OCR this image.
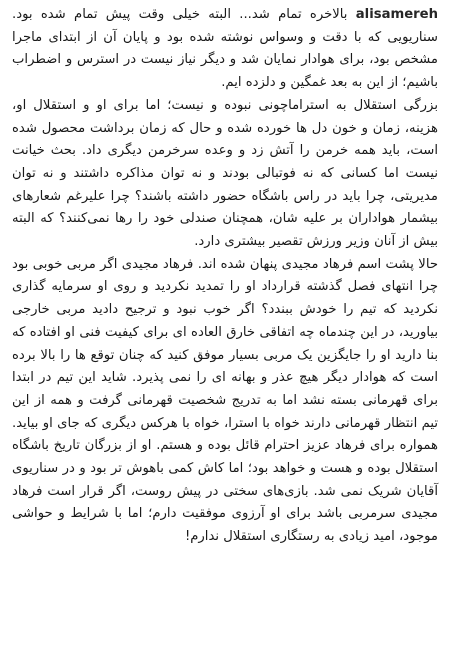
alisamereh بالاخره تمام شد... البته خیلی وقت پیش تمام شده بود. سناریویی که با دقت و وسواس نوشته شده بود و پایان آن از ابتدای ماجرا مشخص بود، برای هوادار نمایان شد و دیگر نیاز نیست در استرس و اضطراب باشیم؛ از این به بعد غمگین و دلزده ایم.

بزرگی استقلال به استراماچونی نبوده و نیست؛ اما برای او و استقلال او، هزینه، زمان و خون دل ها خورده شده و حال که زمان برداشت محصول شده است، باید همه خرمن را آتش زد و وعده سرخرمن دیگری داد. بحث خیانت نیست اما کسانی که نه فوتبالی بودند و نه توان مذاکره داشتند و نه توان مدیریتی، چرا باید در راس باشگاه حضور داشته باشند؟ چرا علیرغم شعارهای بیشمار هواداران بر علیه شان، همچنان صندلی خود را رها نمی‌کنند؟ که البته بیش از آنان وزیر ورزش تقصیر بیشتری دارد.

حالا پشت اسم فرهاد مجیدی پنهان شده اند. فرهاد مجیدی اگر مربی خوبی بود چرا انتهای فصل گذشته قرارداد او را تمدید نکردید و روی او سرمایه گذاری نکردید که تیم را خودش ببندد؟ اگر خوب نبود و ترجیح دادید مربی خارجی بیاورید، در این چندماه چه اتفاقی خارق العاده ای برای کیفیت فنی او افتاده که بنا دارید او را جایگزین یک مربی بسیار موفق کنید که چنان توقع ها را بالا برده است که هوادار دیگر هیچ عذر و بهانه ای را نمی پذیرد. شاید این تیم در ابتدا برای قهرمانی بسته نشد اما به تدریج شخصیت قهرمانی گرفت و همه از این تیم انتظار قهرمانی دارند خواه با استرا، خواه با هرکس دیگری که جای او بیاید. همواره برای فرهاد عزیز احترام قائل بوده و هستم. او از بزرگان تاریخ باشگاه استقلال بوده و هست و خواهد بود؛ اما کاش کمی باهوش تر بود و در سناریوی آقایان شریک نمی شد. بازی‌های سختی در پیش روست، اگر قرار است فرهاد مجیدی سرمربی باشد برای او آرزوی موفقیت دارم؛ اما با شرایط و حواشی موجود، امید زیادی به رستگاری استقلال ندارم!
